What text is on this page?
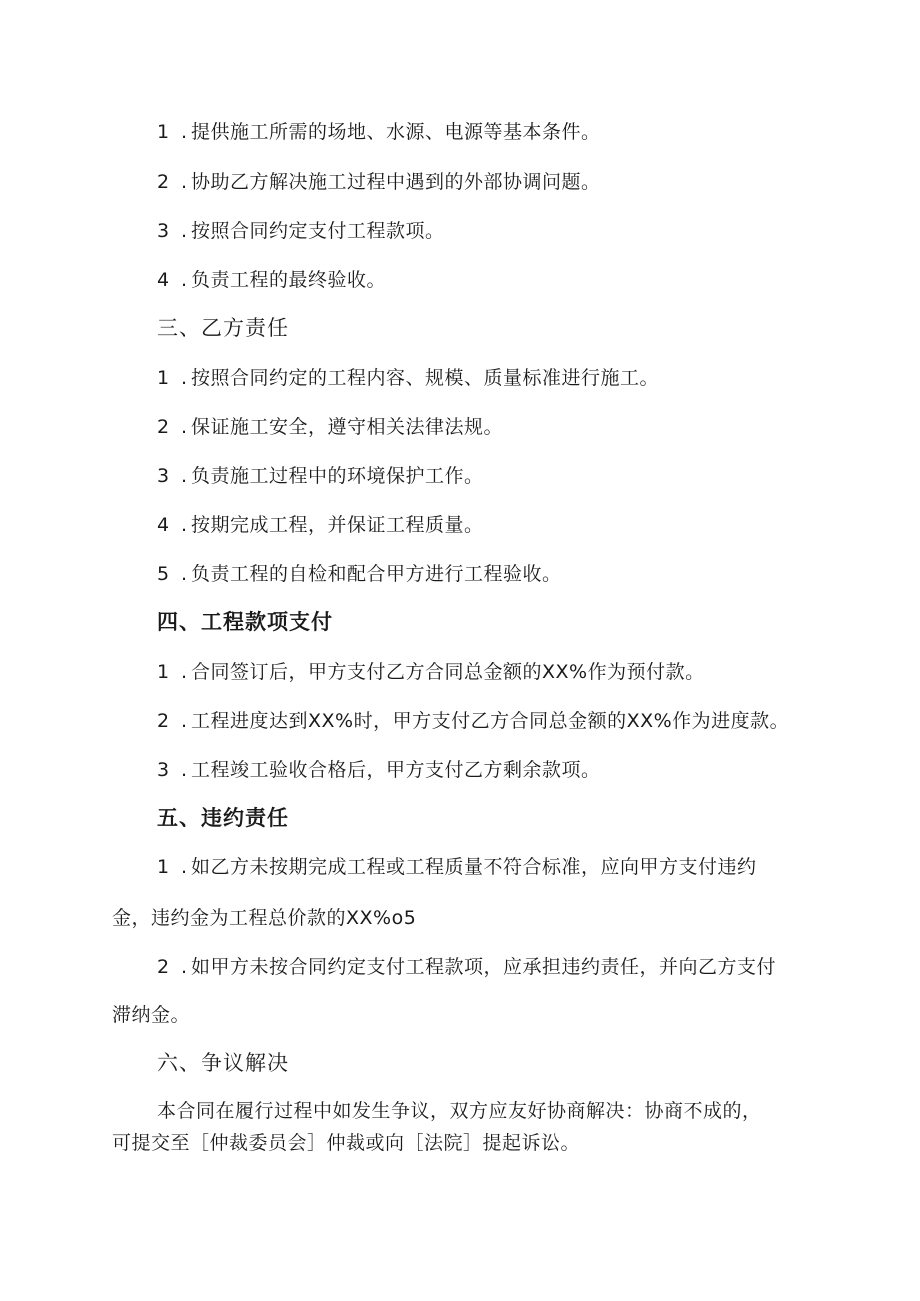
1 . 提供施工所需的场地、水源、电源等基本条件。
2 . 协助乙方解决施工过程中遇到的外部协调问题。
3 . 按照合同约定支付工程款项。
4 . 负责工程的最终验收。
三、乙方责任
1 . 按照合同约定的工程内容、规模、质量标准进行施工。
2 . 保证施工安全，遵守相关法律法规。
3 . 负责施工过程中的环境保护工作。
4 . 按期完成工程，并保证工程质量。
5 . 负责工程的自检和配合甲方进行工程验收。
四、工程款项支付
1 . 合同签订后，甲方支付乙方合同总金额的XX%作为预付款。
2 . 工程进度达到XX%时，甲方支付乙方合同总金额的XX%作为进度款。
3 . 工程竣工验收合格后，甲方支付乙方剩余款项。
五、违约责任
1 . 如乙方未按期完成工程或工程质量不符合标准，应向甲方支付违约
金，违约金为工程总价款的XX%o5
2 . 如甲方未按合同约定支付工程款项，应承担违约责任，并向乙方支付
滞纳金。
六、争议解决
本合同在履行过程中如发生争议，双方应友好协商解决：协商不成的，
可提交至［仲裁委员会］仲裁或向［法院］提起诉讼。
